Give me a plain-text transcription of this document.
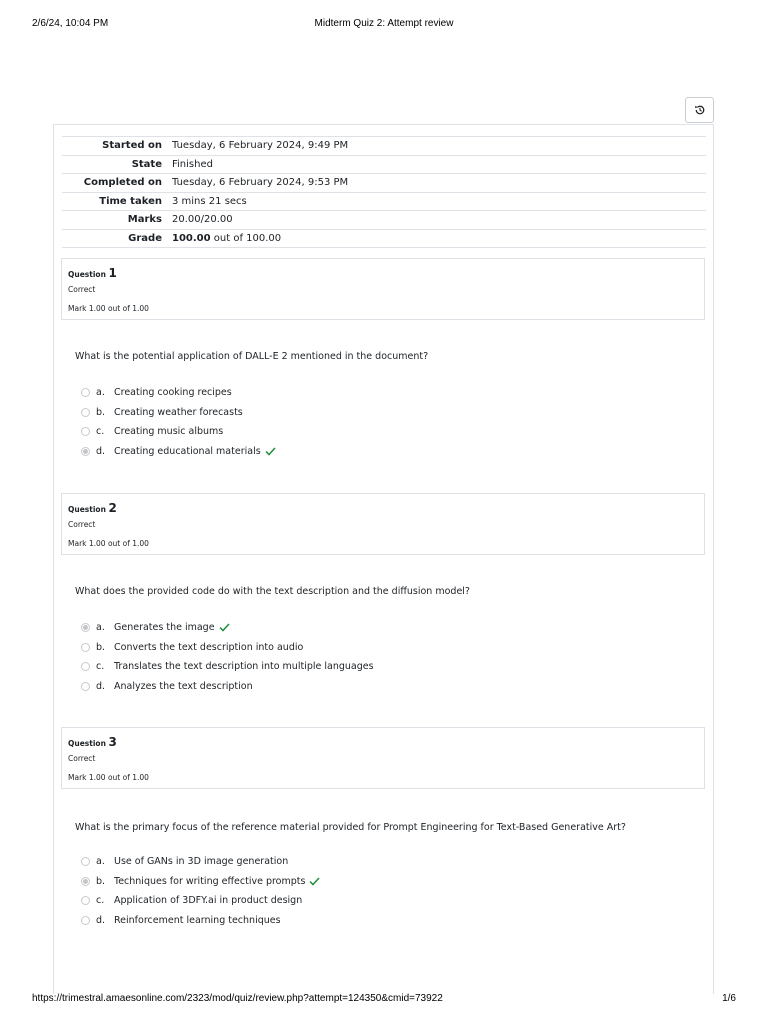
2/6/24, 10:04 PM	Midterm Quiz 2: Attempt review
Started on	Tuesday, 6 February 2024, 9:49 PM
State	Finished
Completed on	Tuesday, 6 February 2024, 9:53 PM
Time taken	3 mins 21 secs
Marks	20.00/20.00
Grade	100.00 out of 100.00
Question 1
Correct
Mark 1.00 out of 1.00
What is the potential application of DALL-E 2 mentioned in the document?
a. Creating cooking recipes
b. Creating weather forecasts
c.	Creating music albums
d. Creating educational materials
Question 2
Correct
Mark 1.00 out of 1.00
What does the provided code do with the text description and the diffusion model?
a. Generates the image
b. Converts the text description into audio
c.	Translates the text description into multiple languages
d. Analyzes the text description
Question 3
Correct
Mark 1.00 out of 1.00
What is the primary focus of the reference material provided for Prompt Engineering for Text-Based Generative Art?
a. Use of GANs in 3D image generation
b. Techniques for writing effective prompts
c.	Application of 3DFY.ai in product design
d. Reinforcement learning techniques
https://trimestral.amaesonline.com/2323/mod/quiz/review.php?attempt=124350&cmid=73922	1/6
